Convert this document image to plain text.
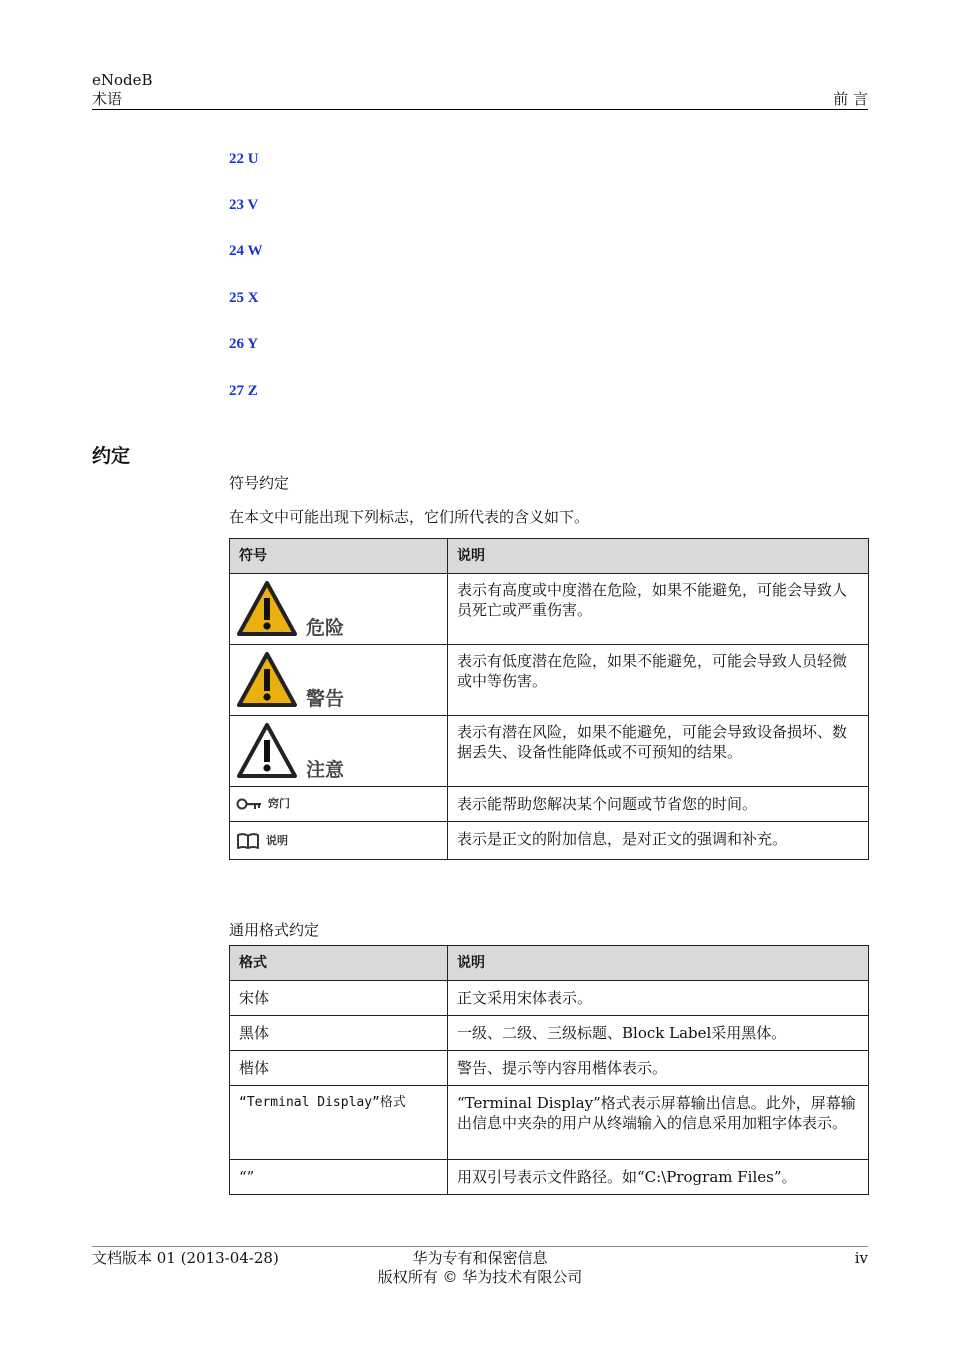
eNodeB
术语	前 言
22 U
23 V
24 W
25 X
26 Y
27 Z
约定
符号约定
在本文中可能出现下列标志，它们所代表的含义如下。
符号	说明

危险	表示有高度或中度潜在危险，如果不能避免，可能会导致人员死亡或严重伤害。

警告	表示有低度潜在危险，如果不能避免，可能会导致人员轻微或中等伤害。

注意	表示有潜在风险，如果不能避免，可能会导致设备损坏、数据丢失、设备性能降低或不可预知的结果。

窍门	表示能帮助您解决某个问题或节省您的时间。

说明	表示是正文的附加信息，是对正文的强调和补充。
通用格式约定
格式	说明
宋体	正文采用宋体表示。
黑体	一级、二级、三级标题、Block Label采用黑体。
楷体	警告、提示等内容用楷体表示。
“Terminal Display”格式	“Terminal Display”格式表示屏幕输出信息。此外，屏幕输出信息中夹杂的用户从终端输入的信息采用加粗字体表示。
“”	用双引号表示文件路径。如“C:\Program Files”。
文档版本 01 (2013-04-28)	华为专有和保密信息
版权所有 © 华为技术有限公司
iv
